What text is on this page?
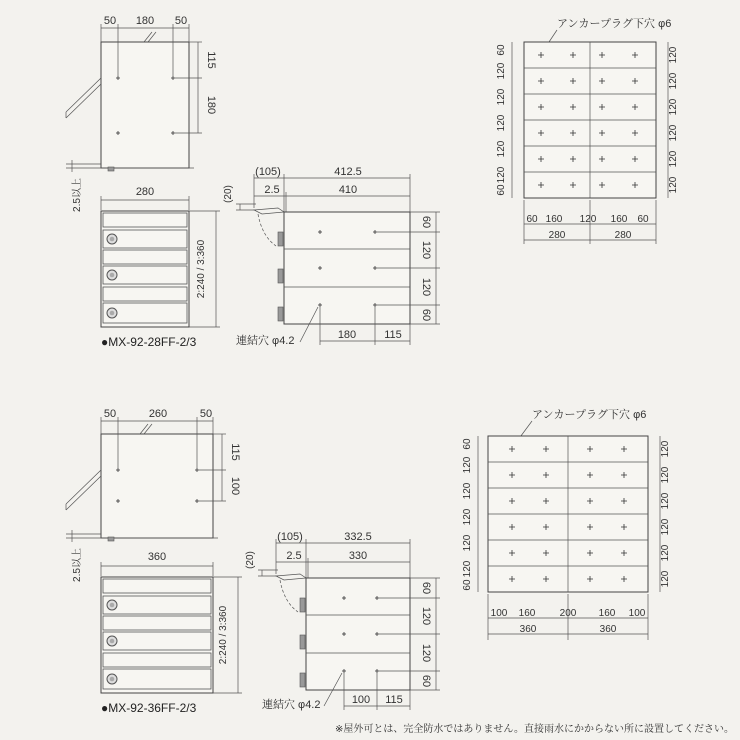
50 180 50
115
180
2.5以上	280
2:240 / 3:360
●MX-92-28FF-2/3
(105)	412.5
2.5	410
(20)
60
120
120
60
180	115
連結穴 φ4.2
アンカープラグ下穴 φ6
60
120
120
120
120
120
60
120
120
120
120
120
120
60 160 120 160 60
280	280
50	260	50
115
100
2.5以上	360
2:240 / 3:360
●MX-92-36FF-2/3
(105)	332.5
2.5	330
(20)
60
120
120
60
100 115
連結穴 φ4.2
アンカープラグ下穴 φ6
60
120
120
120
120
120
60
120
120
120
120
120
120
100 160 200 160 100
360	360
※屋外可とは、完全防水ではありません。直接雨水にかからない所に設置してください。
